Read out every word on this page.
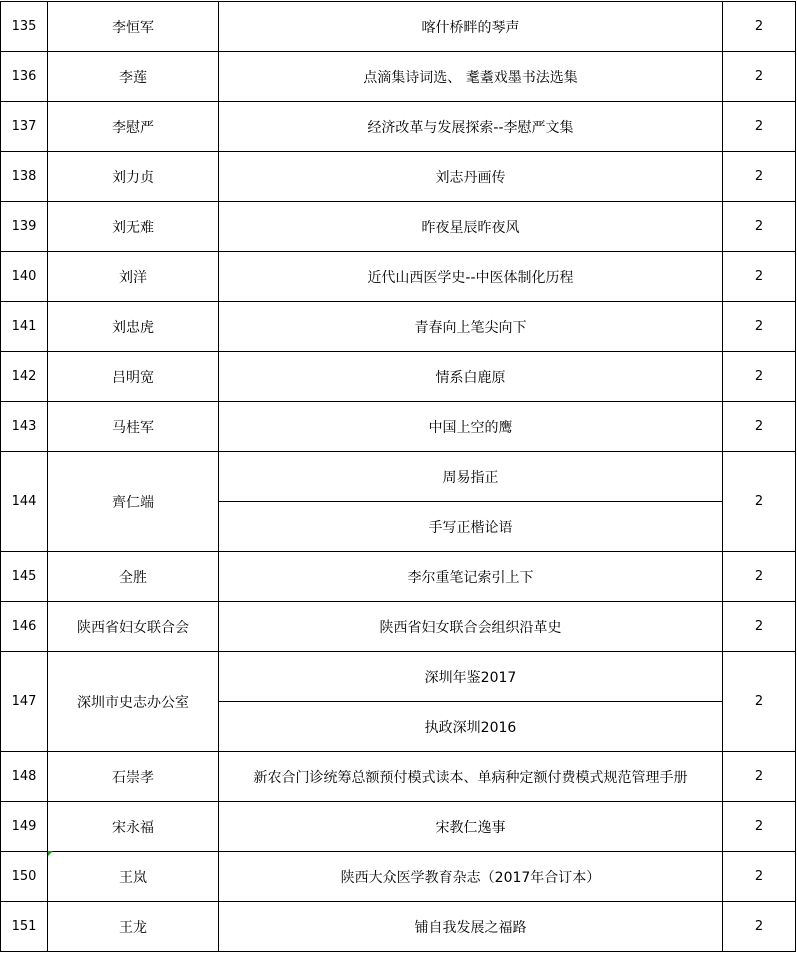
135	李恒军	喀什桥畔的琴声	2
136	李莲	点滴集诗词选、 耄耋戏墨书法选集	2
137	李慰严	经济改革与发展探索--李慰严文集	2
138	刘力贞	刘志丹画传	2
139	刘无难	昨夜星辰昨夜风	2
140	刘洋	近代山西医学史--中医体制化历程	2
141	刘忠虎	青春向上笔尖向下	2
142	吕明宽	情系白鹿原	2
143	马桂军	中国上空的鹰	2
144	齊仁端	周易指正	2
		手写正楷论语	
145	全胜	李尔重笔记索引上下	2
146	陕西省妇女联合会	陕西省妇女联合会组织沿革史	2
147	深圳市史志办公室	深圳年鉴2017	2
		执政深圳2016	
148	石崇孝	新农合门诊统筹总额预付模式读本、单病种定额付费模式规范管理手册	2
149	宋永福	宋教仁逸事	2
150	王岚	陕西大众医学教育杂志（2017年合订本）	2
151	王龙	铺自我发展之福路	2
